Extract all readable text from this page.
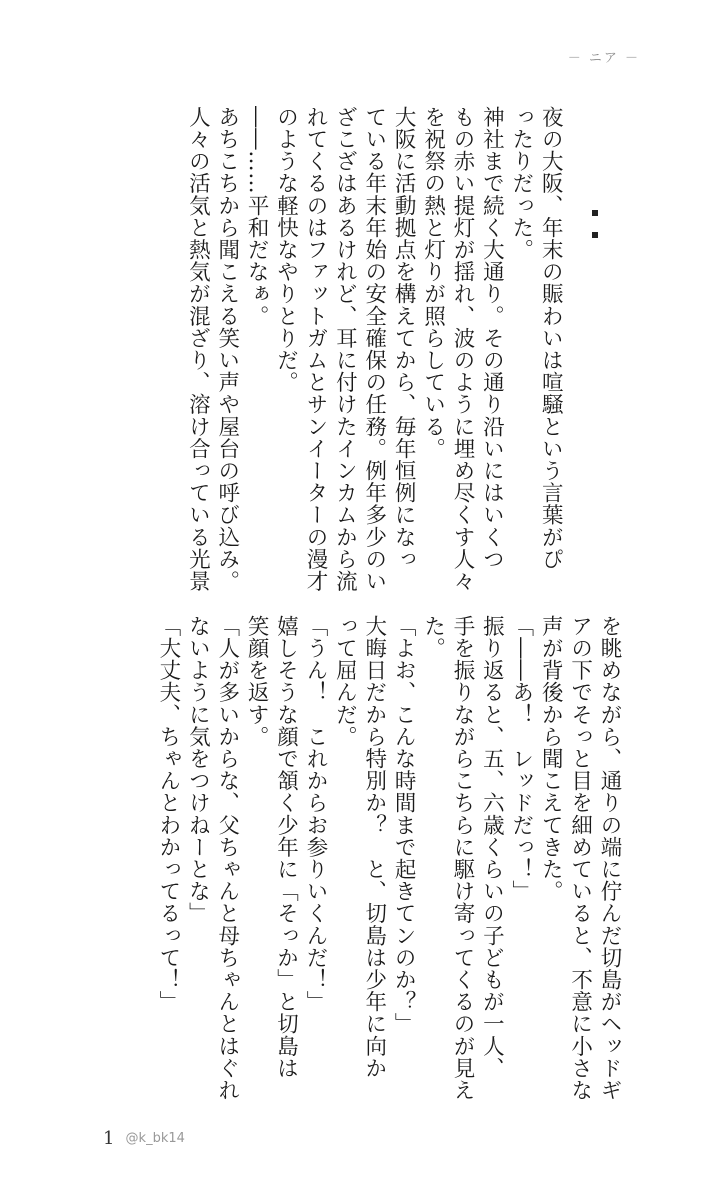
－ ニア －
夜の大阪、年末の賑わいは喧騒という言葉がぴ
ったりだった。
神社まで続く大通り。その通り沿いにはいくつ
もの赤い提灯が揺れ、波のように埋め尽くす人々
を祝祭の熱と灯りが照らしている。
大阪に活動拠点を構えてから、毎年恒例になっ
ている年末年始の安全確保の任務。例年多少のい
ざこざはあるけれど、耳に付けたインカムから流
れてくるのはファットガムとサンイーターの漫才
のような軽快なやりとりだ。
――……平和だなぁ。
あちこちから聞こえる笑い声や屋台の呼び込み。
人々の活気と熱気が混ざり、溶け合っている光景
を眺めながら、通りの端に佇んだ切島がヘッドギ
アの下でそっと目を細めていると、不意に小さな
声が背後から聞こえてきた。
「――あ！　レッドだっ！」
振り返ると、五、六歳くらいの子どもが一人、
手を振りながらこちらに駆け寄ってくるのが見え
た。
「よお、こんな時間まで起きてンのか？」
大晦日だから特別か？　と、切島は少年に向か
って屈んだ。
「うん！　これからお参りいくんだ！」
嬉しそうな顔で頷く少年に「そっか」と切島は
笑顔を返す。
「人が多いからな、父ちゃんと母ちゃんとはぐれ
ないように気をつけねーとな」
「大丈夫、ちゃんとわかってるって！」
1 @k_bk14
